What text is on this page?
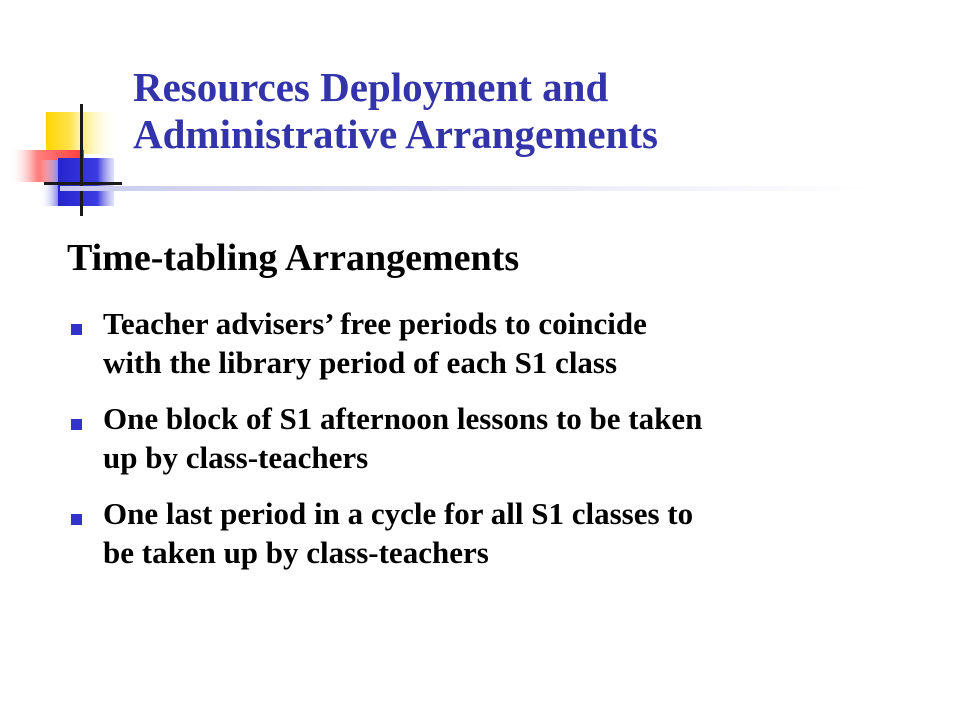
Resources Deployment and
Administrative Arrangements
Time-tabling Arrangements
Teacher advisers’ free periods to coincide
with the library period of each S1 class
One block of S1 afternoon lessons to be taken
up by class-teachers
One last period in a cycle for all S1 classes to
be taken up by class-teachers
